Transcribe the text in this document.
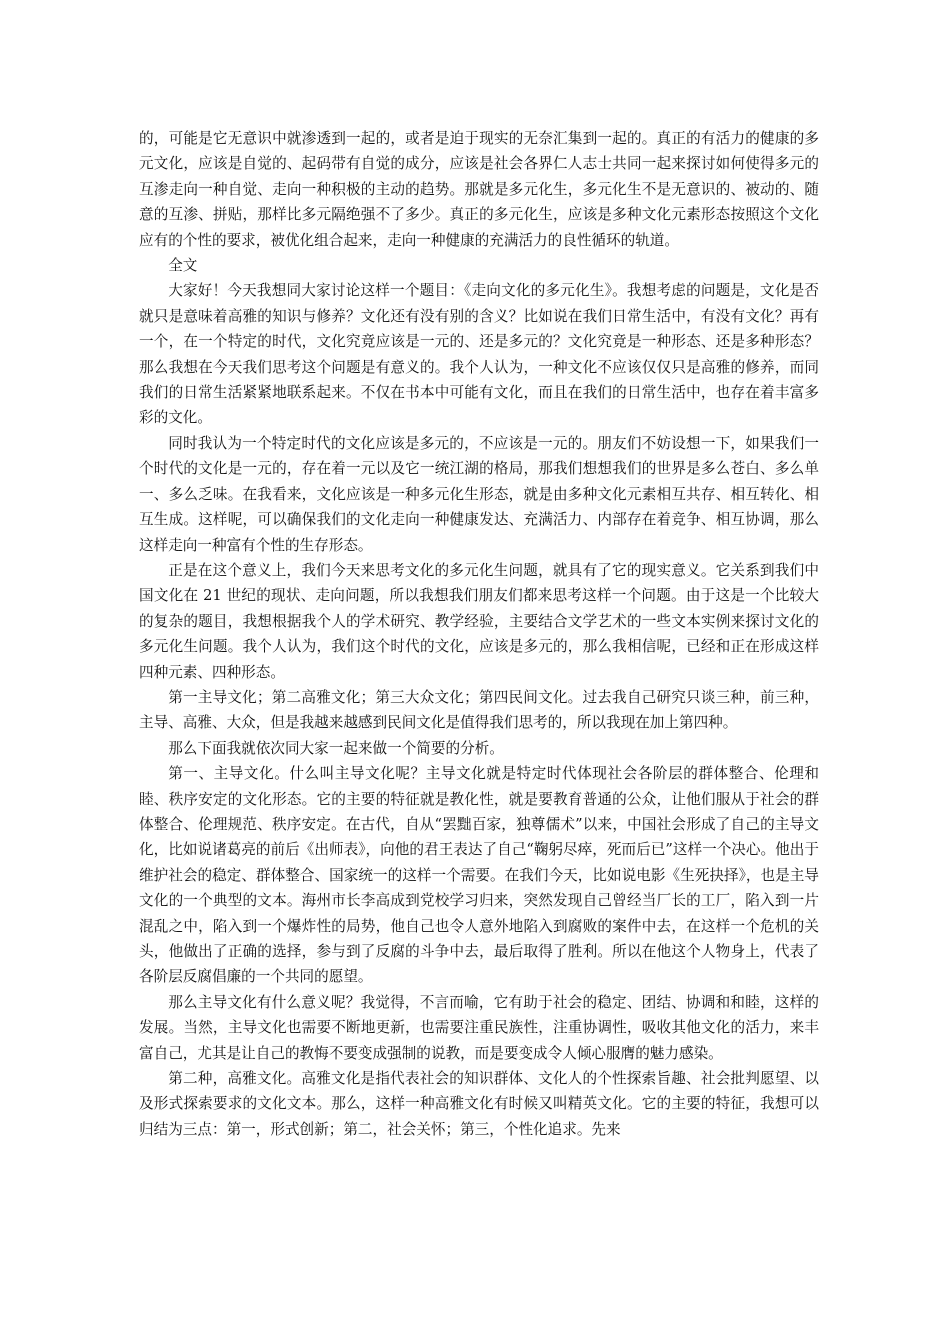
的，可能是它无意识中就渗透到一起的，或者是迫于现实的无奈汇集到一起的。真正的有活力的健康的多元文化，应该是自觉的、起码带有自觉的成分，应该是社会各界仁人志士共同一起来探讨如何使得多元的互渗走向一种自觉、走向一种积极的主动的趋势。那就是多元化生，多元化生不是无意识的、被动的、随意的互渗、拼贴，那样比多元隔绝强不了多少。真正的多元化生，应该是多种文化元素形态按照这个文化应有的个性的要求，被优化组合起来，走向一种健康的充满活力的良性循环的轨道。

全文

大家好！今天我想同大家讨论这样一个题目：《走向文化的多元化生》。我想考虑的问题是，文化是否就只是意味着高雅的知识与修养？文化还有没有别的含义？比如说在我们日常生活中，有没有文化？再有一个，在一个特定的时代，文化究竟应该是一元的、还是多元的？文化究竟是一种形态、还是多种形态？那么我想在今天我们思考这个问题是有意义的。我个人认为，一种文化不应该仅仅只是高雅的修养，而同我们的日常生活紧紧地联系起来。不仅在书本中可能有文化，而且在我们的日常生活中，也存在着丰富多彩的文化。

同时我认为一个特定时代的文化应该是多元的，不应该是一元的。朋友们不妨设想一下，如果我们一个时代的文化是一元的，存在着一元以及它一统江湖的格局，那我们想想我们的世界是多么苍白、多么单一、多么乏味。在我看来，文化应该是一种多元化生形态，就是由多种文化元素相互共存、相互转化、相互生成。这样呢，可以确保我们的文化走向一种健康发达、充满活力、内部存在着竞争、相互协调，那么这样走向一种富有个性的生存形态。

正是在这个意义上，我们今天来思考文化的多元化生问题，就具有了它的现实意义。它关系到我们中国文化在 21 世纪的现状、走向问题，所以我想我们朋友们都来思考这样一个问题。由于这是一个比较大的复杂的题目，我想根据我个人的学术研究、教学经验，主要结合文学艺术的一些文本实例来探讨文化的多元化生问题。我个人认为，我们这个时代的文化，应该是多元的，那么我相信呢，已经和正在形成这样四种元素、四种形态。

第一主导文化；第二高雅文化；第三大众文化；第四民间文化。过去我自己研究只谈三种，前三种，主导、高雅、大众，但是我越来越感到民间文化是值得我们思考的，所以我现在加上第四种。

那么下面我就依次同大家一起来做一个简要的分析。

第一、主导文化。什么叫主导文化呢？主导文化就是特定时代体现社会各阶层的群体整合、伦理和睦、秩序安定的文化形态。它的主要的特征就是教化性，就是要教育普通的公众，让他们服从于社会的群体整合、伦理规范、秩序安定。在古代，自从“罢黜百家，独尊儒术”以来，中国社会形成了自己的主导文化，比如说诸葛亮的前后《出师表》，向他的君王表达了自己“鞠躬尽瘁，死而后已”这样一个决心。他出于维护社会的稳定、群体整合、国家统一的这样一个需要。在我们今天，比如说电影《生死抉择》，也是主导文化的一个典型的文本。海州市长李高成到党校学习归来，突然发现自己曾经当厂长的工厂，陷入到一片混乱之中，陷入到一个爆炸性的局势，他自己也令人意外地陷入到腐败的案件中去，在这样一个危机的关头，他做出了正确的选择，参与到了反腐的斗争中去，最后取得了胜利。所以在他这个人物身上，代表了各阶层反腐倡廉的一个共同的愿望。

那么主导文化有什么意义呢？我觉得，不言而喻，它有助于社会的稳定、团结、协调和和睦，这样的发展。当然，主导文化也需要不断地更新，也需要注重民族性，注重协调性，吸收其他文化的活力，来丰富自己，尤其是让自己的教悔不要变成强制的说教，而是要变成令人倾心服膺的魅力感染。

第二种，高雅文化。高雅文化是指代表社会的知识群体、文化人的个性探索旨趣、社会批判愿望、以及形式探索要求的文化文本。那么，这样一种高雅文化有时候又叫精英文化。它的主要的特征，我想可以归结为三点：第一，形式创新；第二，社会关怀；第三，个性化追求。先来
